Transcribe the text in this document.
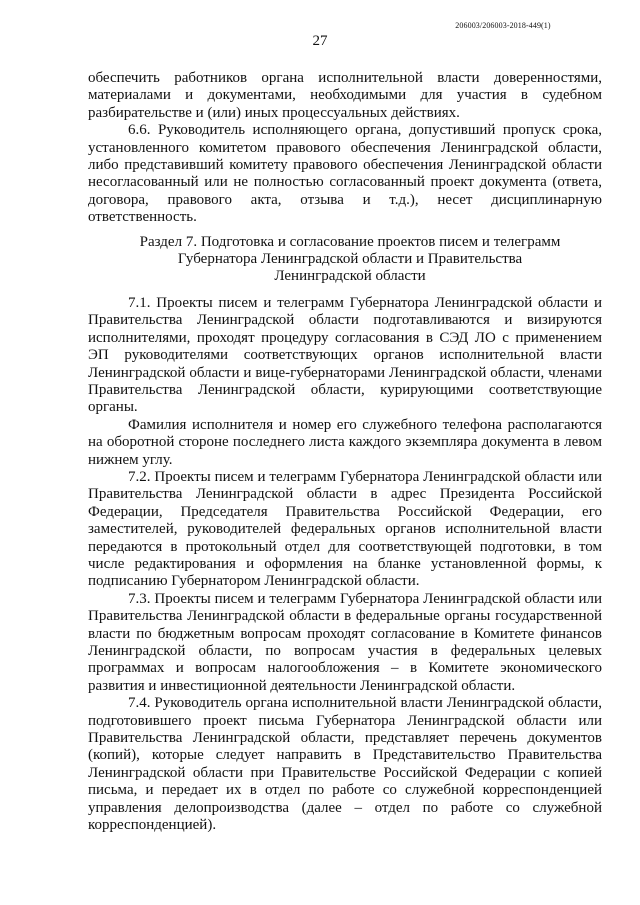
206003/206003-2018-449(1)
27

обеспечить работников органа исполнительной власти доверенностями, материалами и документами, необходимыми для участия в судебном разбирательстве и (или) иных процессуальных действиях.

6.6. Руководитель исполняющего органа, допустивший пропуск срока, установленного комитетом правового обеспечения Ленинградской области, либо представивший комитету правового обеспечения Ленинградской области несогласованный или не полностью согласованный проект документа (ответа, договора, правового акта, отзыва и т.д.), несет дисциплинарную ответственность.

Раздел 7. Подготовка и согласование проектов писем и телеграмм
Губернатора Ленинградской области и Правительства
Ленинградской области

7.1. Проекты писем и телеграмм Губернатора Ленинградской области и Правительства Ленинградской области подготавливаются и визируются исполнителями, проходят процедуру согласования в СЭД ЛО с применением ЭП руководителями соответствующих органов исполнительной власти Ленинградской области и вице-губернаторами Ленинградской области, членами Правительства Ленинградской области, курирующими соответствующие органы.

Фамилия исполнителя и номер его служебного телефона располагаются на оборотной стороне последнего листа каждого экземпляра документа в левом нижнем углу.

7.2. Проекты писем и телеграмм Губернатора Ленинградской области или Правительства Ленинградской области в адрес Президента Российской Федерации, Председателя Правительства Российской Федерации, его заместителей, руководителей федеральных органов исполнительной власти передаются в протокольный отдел для соответствующей подготовки, в том числе редактирования и оформления на бланке установленной формы, к подписанию Губернатором Ленинградской области.

7.3. Проекты писем и телеграмм Губернатора Ленинградской области или Правительства Ленинградской области в федеральные органы государственной власти по бюджетным вопросам проходят согласование в Комитете финансов Ленинградской области, по вопросам участия в федеральных целевых программах и вопросам налогообложения – в Комитете экономического развития и инвестиционной деятельности Ленинградской области.

7.4. Руководитель органа исполнительной власти Ленинградской области, подготовившего проект письма Губернатора Ленинградской области или Правительства Ленинградской области, представляет перечень документов (копий), которые следует направить в Представительство Правительства Ленинградской области при Правительстве Российской Федерации с копией письма, и передает их в отдел по работе со служебной корреспонденцией управления делопроизводства (далее – отдел по работе со служебной корреспонденцией).
